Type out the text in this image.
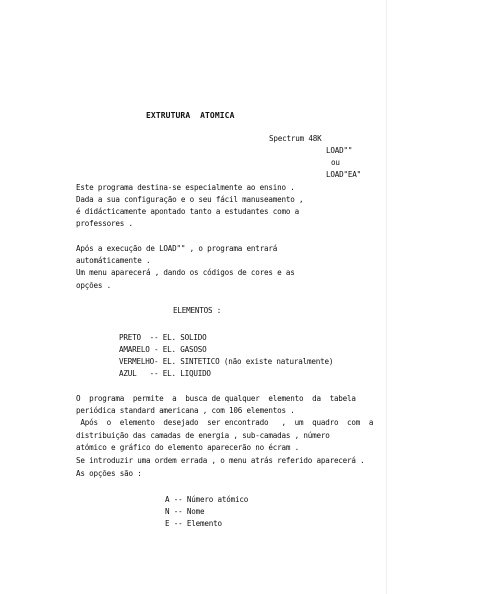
EXTRUTURA  ATOMICA

Spectrum 48K

LOAD""

ou

LOAD"EA"

Este programa destina-se especialmente ao ensino .

Dada a sua configuração e o seu fácil manuseamento ,

é didácticamente apontado tanto a estudantes como a

professores .

Após a execução de LOAD"" , o programa entrará

automáticamente .

Um menu aparecerá , dando os códigos de cores e as

opções .

ELEMENTOS :

PRETO  -- EL. SOLIDO

AMARELO - EL. GASOSO

VERMELHO- EL. SINTETICO (não existe naturalmente)

AZUL   -- EL. LIQUIDO

O  programa  permite  a  busca de qualquer  elemento  da  tabela

periódica standard americana , com 106 elementos .

Após  o  elemento  desejado  ser encontrado   ,  um  quadro  com  a

distribuição das camadas de energia , sub-camadas , número

atómico e gráfico do elemento aparecerão no écram .

Se introduzir uma ordem errada , o menu atrás referido aparecerá .

As opções são :

A -- Número atómico

N -- Nome

E -- Elemento
